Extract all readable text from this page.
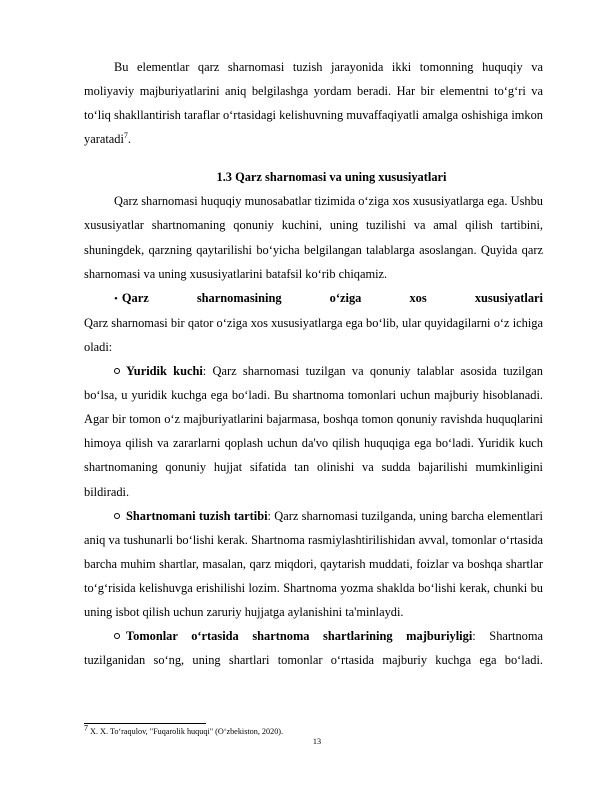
Bu elementlar qarz sharnomasi tuzish jarayonida ikki tomonning huquqiy va moliyaviy majburiyatlarini aniq belgilashga yordam beradi. Har bir elementni to‘g‘ri va to‘liq shakllantirish taraflar o‘rtasidagi kelishuvning muvaffaqiyatli amalga oshishiga imkon yaratadi$^7$.

1.3 Qarz sharnomasi va uning xususiyatlari

Qarz sharnomasi huquqiy munosabatlar tizimida o‘ziga xos xususiyatlarga ega. Ushbu xususiyatlar shartnomaning qonuniy kuchini, uning tuzilishi va amal qilish tartibini, shuningdek, qarzning qaytarilishi bo‘yicha belgilangan talablarga asoslangan. Quyida qarz sharnomasi va uning xususiyatlarini batafsil ko‘rib chiqamiz.

• Qarz sharnomasining o‘ziga xos xususiyatlari

Qarz sharnomasi bir qator o‘ziga xos xususiyatlarga ega bo‘lib, ular quyidagilarni o‘z ichiga oladi:

Yuridik kuchi: Qarz sharnomasi tuzilgan va qonuniy talablar asosida tuzilgan bo‘lsa, u yuridik kuchga ega bo‘ladi. Bu shartnoma tomonlari uchun majburiy hisoblanadi. Agar bir tomon o‘z majburiyatlarini bajarmasa, boshqa tomon qonuniy ravishda huquqlarini himoya qilish va zararlarni qoplash uchun da'vo qilish huquqiga ega bo‘ladi. Yuridik kuch shartnomaning qonuniy hujjat sifatida tan olinishi va sudda bajarilishi mumkinligini bildiradi.

Shartnomani tuzish tartibi: Qarz sharnomasi tuzilganda, uning barcha elementlari aniq va tushunarli bo‘lishi kerak. Shartnoma rasmiylashtirilishidan avval, tomonlar o‘rtasida barcha muhim shartlar, masalan, qarz miqdori, qaytarish muddati, foizlar va boshqa shartlar to‘g‘risida kelishuvga erishilishi lozim. Shartnoma yozma shaklda bo‘lishi kerak, chunki bu uning isbot qilish uchun zaruriy hujjatga aylanishini ta'minlaydi.

Tomonlar o‘rtasida shartnoma shartlarining majburiyligi: Shartnoma tuzilganidan so‘ng, uning shartlari tomonlar o‘rtasida majburiy kuchga ega bo‘ladi.

$^7$ X. X. To‘raqulov, "Fuqarolik huquqi" (O‘zbekiston, 2020).
13
